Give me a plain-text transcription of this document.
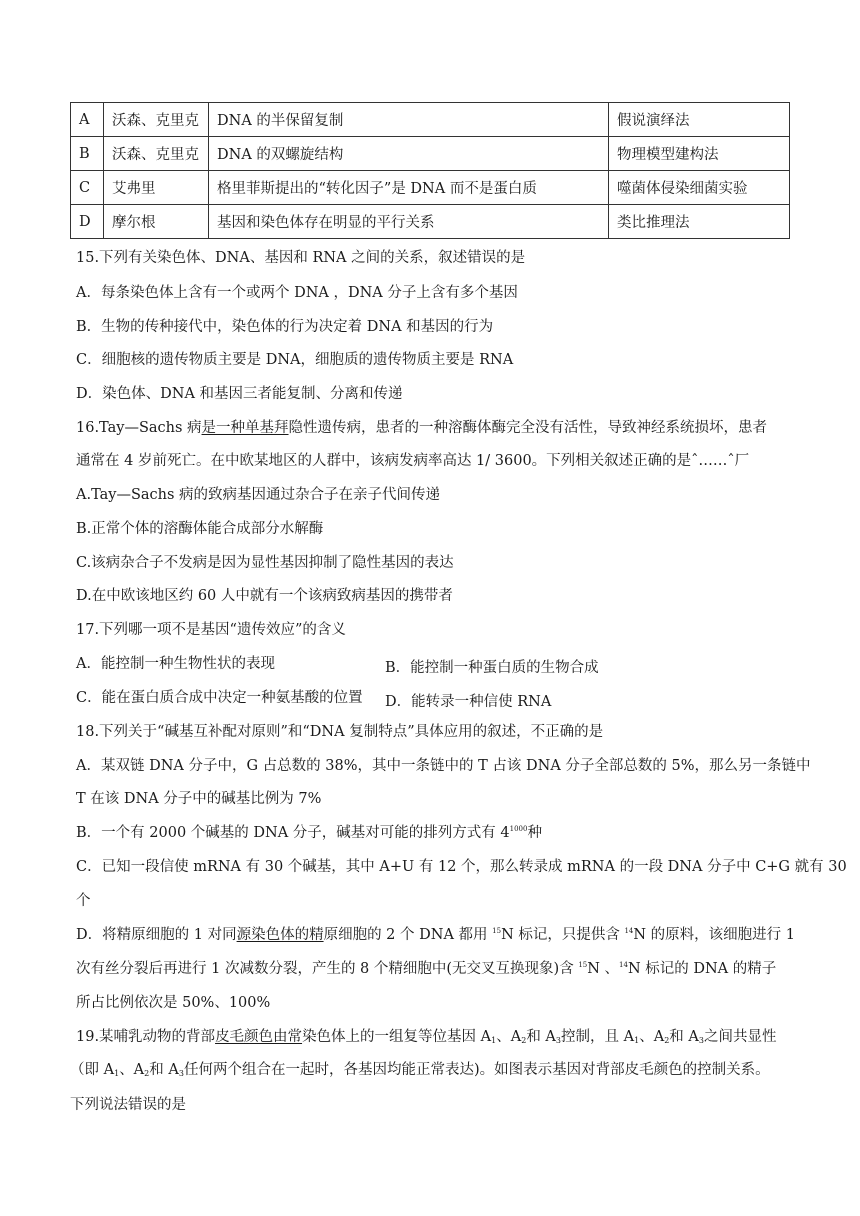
A	沃森、克里克	DNA 的半保留复制	假说演绎法
B	沃森、克里克	DNA 的双螺旋结构	物理模型建构法
C	艾弗里	格里菲斯提出的“转化因子”是 DNA 而不是蛋白质	噬菌体侵染细菌实验
D	摩尔根	基因和染色体存在明显的平行关系	类比推理法
15.下列有关染色体、DNA、基因和 RNA 之间的关系，叙述错误的是
A．每条染色体上含有一个或两个 DNA ，DNA 分子上含有多个基因
B．生物的传种接代中，染色体的行为决定着 DNA 和基因的行为
C．细胞核的遗传物质主要是 DNA，细胞质的遗传物质主要是 RNA
D．染色体、DNA 和基因三者能复制、分离和传递
16.Tay—Sachs 病是一种单基拜隐性遗传病，患者的一种溶酶体酶完全没有活性，导致神经系统损坏，患者
通常在 4 岁前死亡。在中欧某地区的人群中，该病发病率高达 1/ 3600。下列相关叙述正确的是ˆ……ˆ厂
A.Tay—Sachs 病的致病基因通过杂合子在亲子代间传递
B.正常个体的溶酶体能合成部分水解酶
C.该病杂合子不发病是因为显性基因抑制了隐性基因的表达
D.在中欧该地区约 60 人中就有一个该病致病基因的携带者
17.下列哪一项不是基因“遗传效应”的含义
A．能控制一种生物性状的表现	B．能控制一种蛋白质的生物合成
C．能在蛋白质合成中决定一种氨基酸的位置 D．能转录一种信使 RNA
18.下列关于“碱基互补配对原则”和“DNA 复制特点”具体应用的叙述，不正确的是
A．某双链 DNA 分子中，G 占总数的 38%，其中一条链中的 T 占该 DNA 分子全部总数的 5%，那么另一条链中
T 在该 DNA 分子中的碱基比例为 7%
B．一个有 2000 个碱基的 DNA 分子，碱基对可能的排列方式有 $4^{1000}$种
C．已知一段信使 mRNA 有 30 个碱基，其中 A+U 有 12 个，那么转录成 mRNA 的一段 DNA 分子中 C+G 就有 30
个
D．将精原细胞的 1 对同源染色体的精原细胞的 2 个 DNA 都用 $^{15}$N 标记，只提供含 $^{14}$N 的原料，该细胞进行 1
次有丝分裂后再进行 1 次减数分裂，产生的 8 个精细胞中(无交叉互换现象)含 $^{15}$N 、$^{14}$N 标记的 DNA 的精子
所占比例依次是 50%、100%
19.某哺乳动物的背部皮毛颜色由常染色体上的一组复等位基因 $A_1$、$A_2$和 $A_3$控制，且 $A_1$、$A_2$和 $A_3$之间共显性
（即 $A_1$、$A_2$和 $A_3$任何两个组合在一起时，各基因均能正常表达)。如图表示基因对背部皮毛颜色的控制关系。
下列说法错误的是
